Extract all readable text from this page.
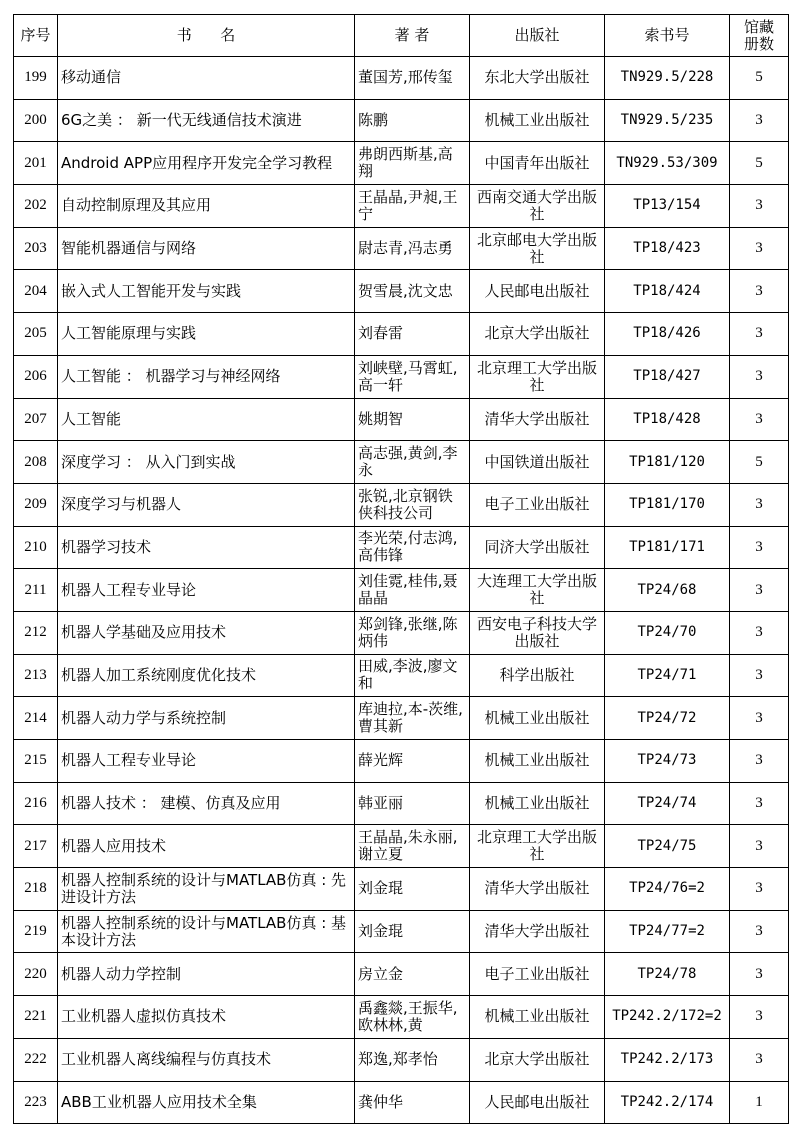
序号	书      名	著 者	出版社	索书号	馆藏册数

199	移动通信	董国芳,邢传玺	东北大学出版社	TN929.5/228	5

200	6G之美 ： 新一代无线通信技术演进	陈鹏	机械工业出版社	TN929.5/235	3

201	Android APP应用程序开发完全学习教程	弗朗西斯基,高翔	中国青年出版社	TN929.53/309	5

202	自动控制原理及其应用	王晶晶,尹昶,王宁	西南交通大学出版社	TP13/154	3

203	智能机器通信与网络	尉志青,冯志勇	北京邮电大学出版社	TP18/423	3

204	嵌入式人工智能开发与实践	贺雪晨,沈文忠	人民邮电出版社	TP18/424	3

205	人工智能原理与实践	刘春雷	北京大学出版社	TP18/426	3

206	人工智能 ： 机器学习与神经网络	刘峡壁,马霄虹,高一轩	北京理工大学出版社	TP18/427	3

207	人工智能	姚期智	清华大学出版社	TP18/428	3

208	深度学习 ： 从入门到实战	高志强,黄剑,李永	中国铁道出版社	TP181/120	5

209	深度学习与机器人	张锐,北京钢铁侠科技公司	电子工业出版社	TP181/170	3

210	机器学习技术	李光荣,付志鸿,高伟锋	同济大学出版社	TP181/171	3

211	机器人工程专业导论	刘佳霓,桂伟,聂晶晶	大连理工大学出版社	TP24/68	3

212	机器人学基础及应用技术	郑剑锋,张继,陈炳伟	西安电子科技大学出版社	TP24/70	3

213	机器人加工系统刚度优化技术	田威,李波,廖文和	科学出版社	TP24/71	3

214	机器人动力学与系统控制	库迪拉,本-茨维,曹其新	机械工业出版社	TP24/72	3

215	机器人工程专业导论	薛光辉	机械工业出版社	TP24/73	3

216	机器人技术 ： 建模、仿真及应用	韩亚丽	机械工业出版社	TP24/74	3

217	机器人应用技术	王晶晶,朱永丽,谢立夏	北京理工大学出版社	TP24/75	3

218	机器人控制系统的设计与MATLAB仿真 : 先进设计方法	刘金琨	清华大学出版社	TP24/76=2	3

219	机器人控制系统的设计与MATLAB仿真 : 基本设计方法	刘金琨	清华大学出版社	TP24/77=2	3

220	机器人动力学控制	房立金	电子工业出版社	TP24/78	3

221	工业机器人虚拟仿真技术	禹鑫燚,王振华,欧林林,黄	机械工业出版社	TP242.2/172=2	3

222	工业机器人离线编程与仿真技术	郑逸,郑孝怡	北京大学出版社	TP242.2/173	3

223	ABB工业机器人应用技术全集	龚仲华	人民邮电出版社	TP242.2/174	1
